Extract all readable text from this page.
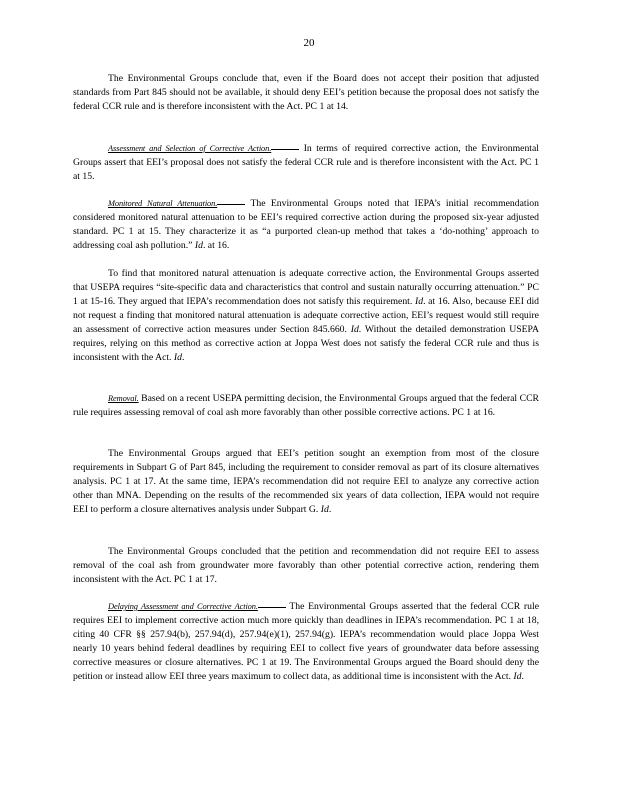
20

The Environmental Groups conclude that, even if the Board does not accept their position that adjusted standards from Part 845 should not be available, it should deny EEI’s petition because the proposal does not satisfy the federal CCR rule and is therefore inconsistent with the Act. PC 1 at 14.

Assessment and Selection of Corrective Action.	In terms of required corrective action, the Environmental Groups assert that EEI’s proposal does not satisfy the federal CCR rule and is therefore inconsistent with the Act. PC 1 at 15.

Monitored Natural Attenuation.	The Environmental Groups noted that IEPA’s initial recommendation considered monitored natural attenuation to be EEI’s required corrective action during the proposed six-year adjusted standard. PC 1 at 15. They characterize it as “a purported clean-up method that takes a ‘do-nothing’ approach to addressing coal ash pollution.” Id. at 16.

To find that monitored natural attenuation is adequate corrective action, the Environmental Groups asserted that USEPA requires “site-specific data and characteristics that control and sustain naturally occurring attenuation.” PC 1 at 15-16. They argued that IEPA’s recommendation does not satisfy this requirement. Id. at 16. Also, because EEI did not request a finding that monitored natural attenuation is adequate corrective action, EEI’s request would still require an assessment of corrective action measures under Section 845.660. Id. Without the detailed demonstration USEPA requires, relying on this method as corrective action at Joppa West does not satisfy the federal CCR rule and thus is inconsistent with the Act. Id.

Removal. Based on a recent USEPA permitting decision, the Environmental Groups argued that the federal CCR rule requires assessing removal of coal ash more favorably than other possible corrective actions. PC 1 at 16.

The Environmental Groups argued that EEI’s petition sought an exemption from most of the closure requirements in Subpart G of Part 845, including the requirement to consider removal as part of its closure alternatives analysis. PC 1 at 17. At the same time, IEPA’s recommendation did not require EEI to analyze any corrective action other than MNA. Depending on the results of the recommended six years of data collection, IEPA would not require EEI to perform a closure alternatives analysis under Subpart G. Id.

The Environmental Groups concluded that the petition and recommendation did not require EEI to assess removal of the coal ash from groundwater more favorably than other potential corrective action, rendering them inconsistent with the Act. PC 1 at 17.

Delaying Assessment and Corrective Action.	The Environmental Groups asserted that the federal CCR rule requires EEI to implement corrective action much more quickly than deadlines in IEPA’s recommendation. PC 1 at 18, citing 40 CFR §§ 257.94(b), 257.94(d), 257.94(e)(1), 257.94(g). IEPA’s recommendation would place Joppa West nearly 10 years behind federal deadlines by requiring EEI to collect five years of groundwater data before assessing corrective measures or closure alternatives. PC 1 at 19. The Environmental Groups argued the Board should deny the petition or instead allow EEI three years maximum to collect data, as additional time is inconsistent with the Act. Id.
